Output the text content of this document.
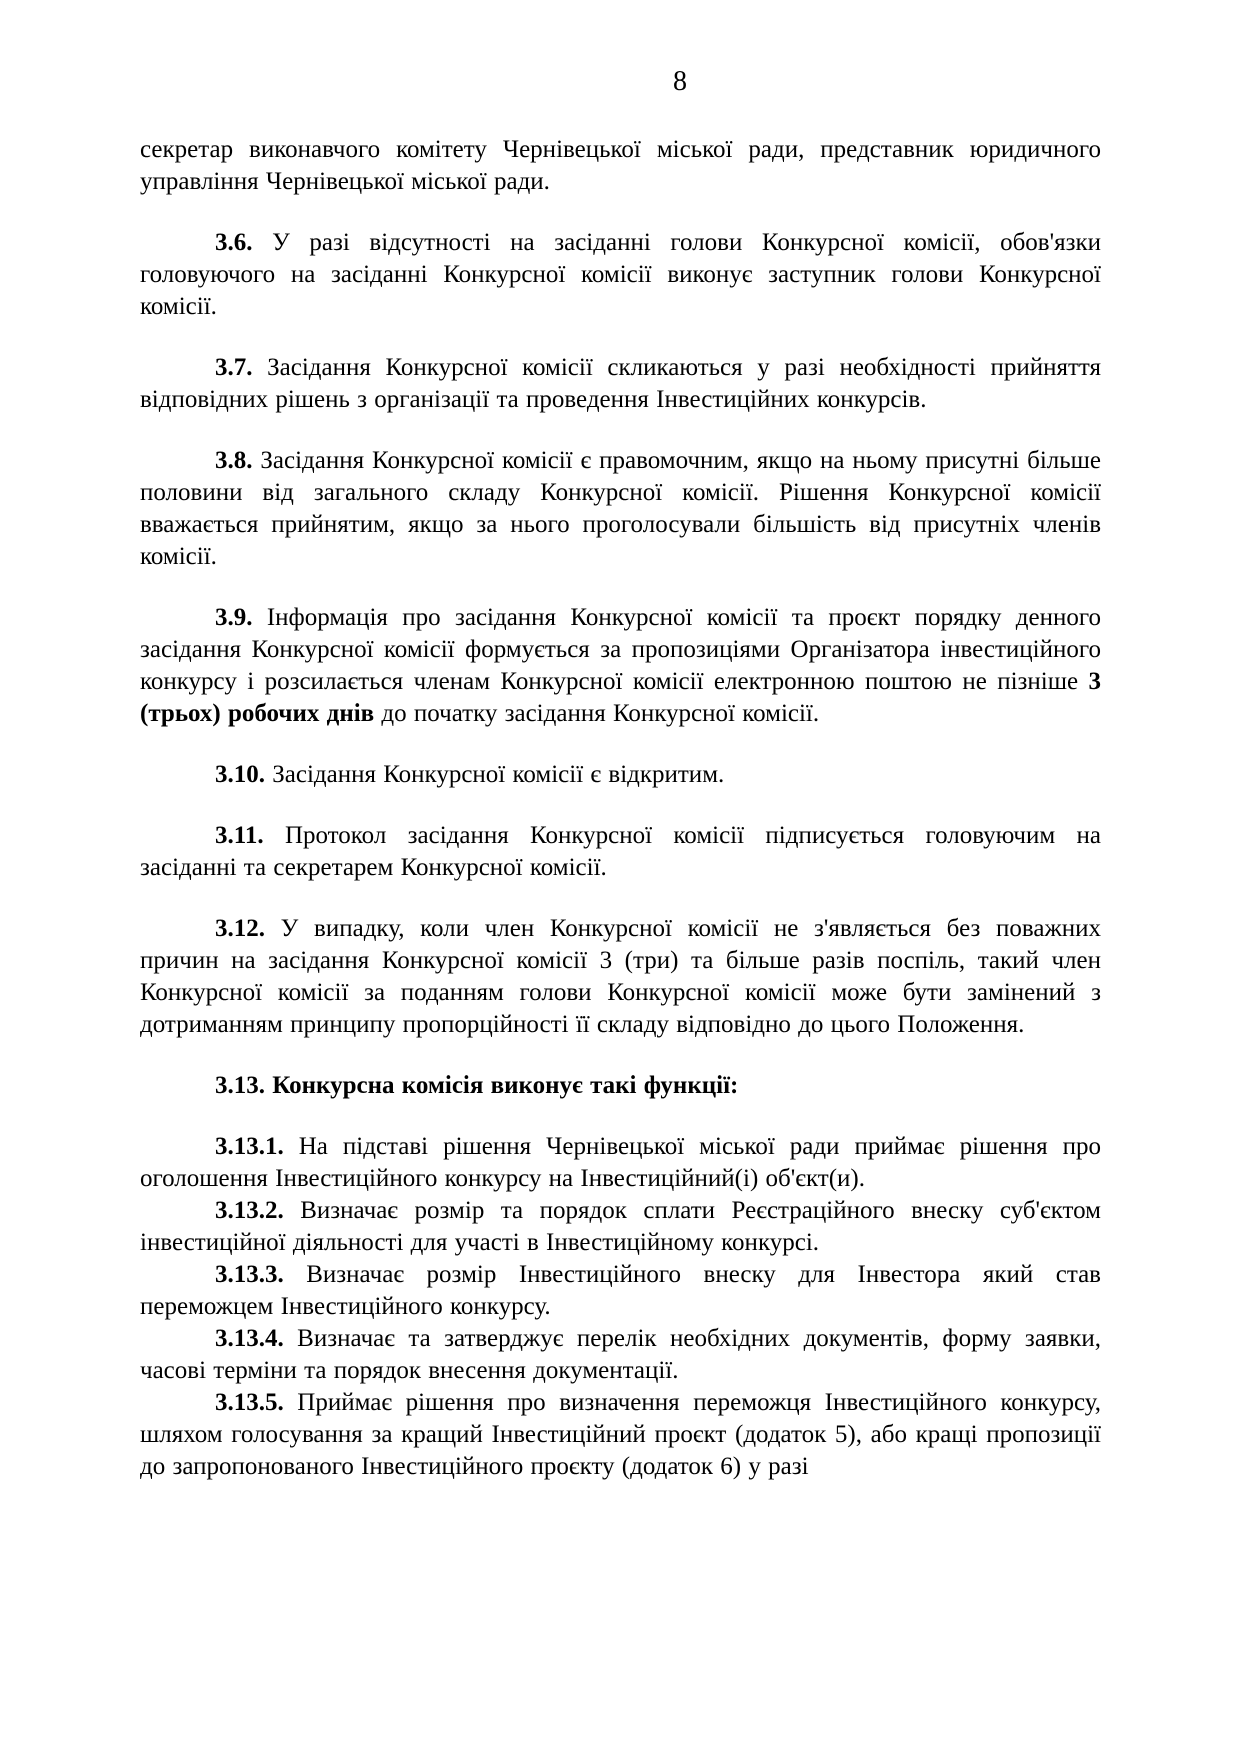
8

секретар виконавчого комітету Чернівецької міської ради, представник юридичного управління Чернівецької міської ради.

3.6. У разі відсутності на засіданні голови Конкурсної комісії, обов'язки головуючого на засіданні Конкурсної комісії виконує заступник голови Конкурсної комісії.

3.7. Засідання Конкурсної комісії скликаються у разі необхідності прийняття відповідних рішень з організації та проведення Інвестиційних конкурсів.

3.8. Засідання Конкурсної комісії є правомочним, якщо на ньому присутні більше половини від загального складу Конкурсної комісії. Рішення Конкурсної комісії вважається прийнятим, якщо за нього проголосували більшість від присутніх членів комісії.

3.9. Інформація про засідання Конкурсної комісії та проєкт порядку денного засідання Конкурсної комісії формується за пропозиціями Організатора інвестиційного конкурсу і розсилається членам Конкурсної комісії електронною поштою не пізніше 3 (трьох) робочих днів до початку засідання Конкурсної комісії.

3.10. Засідання Конкурсної комісії є відкритим.

3.11. Протокол засідання Конкурсної комісії підписується головуючим на засіданні та секретарем Конкурсної комісії.

3.12. У випадку, коли член Конкурсної комісії не з'являється без поважних причин на засідання Конкурсної комісії 3 (три) та більше разів поспіль, такий член Конкурсної комісії за поданням голови Конкурсної комісії може бути замінений з дотриманням принципу пропорційності її складу відповідно до цього Положення.

3.13. Конкурсна комісія виконує такі функції:

3.13.1. На підставі рішення Чернівецької міської ради приймає рішення про оголошення Інвестиційного конкурсу на Інвестиційний(і) об'єкт(и).

3.13.2. Визначає розмір та порядок сплати Реєстраційного внеску суб'єктом інвестиційної діяльності для участі в Інвестиційному конкурсі.

3.13.3. Визначає розмір Інвестиційного внеску для Інвестора який став переможцем Інвестиційного конкурсу.

3.13.4. Визначає та затверджує перелік необхідних документів, форму заявки, часові терміни та порядок внесення документації.

3.13.5. Приймає рішення про визначення переможця Інвестиційного конкурсу, шляхом голосування за кращий Інвестиційний проєкт (додаток 5), або кращі пропозиції до запропонованого Інвестиційного проєкту (додаток 6) у разі
